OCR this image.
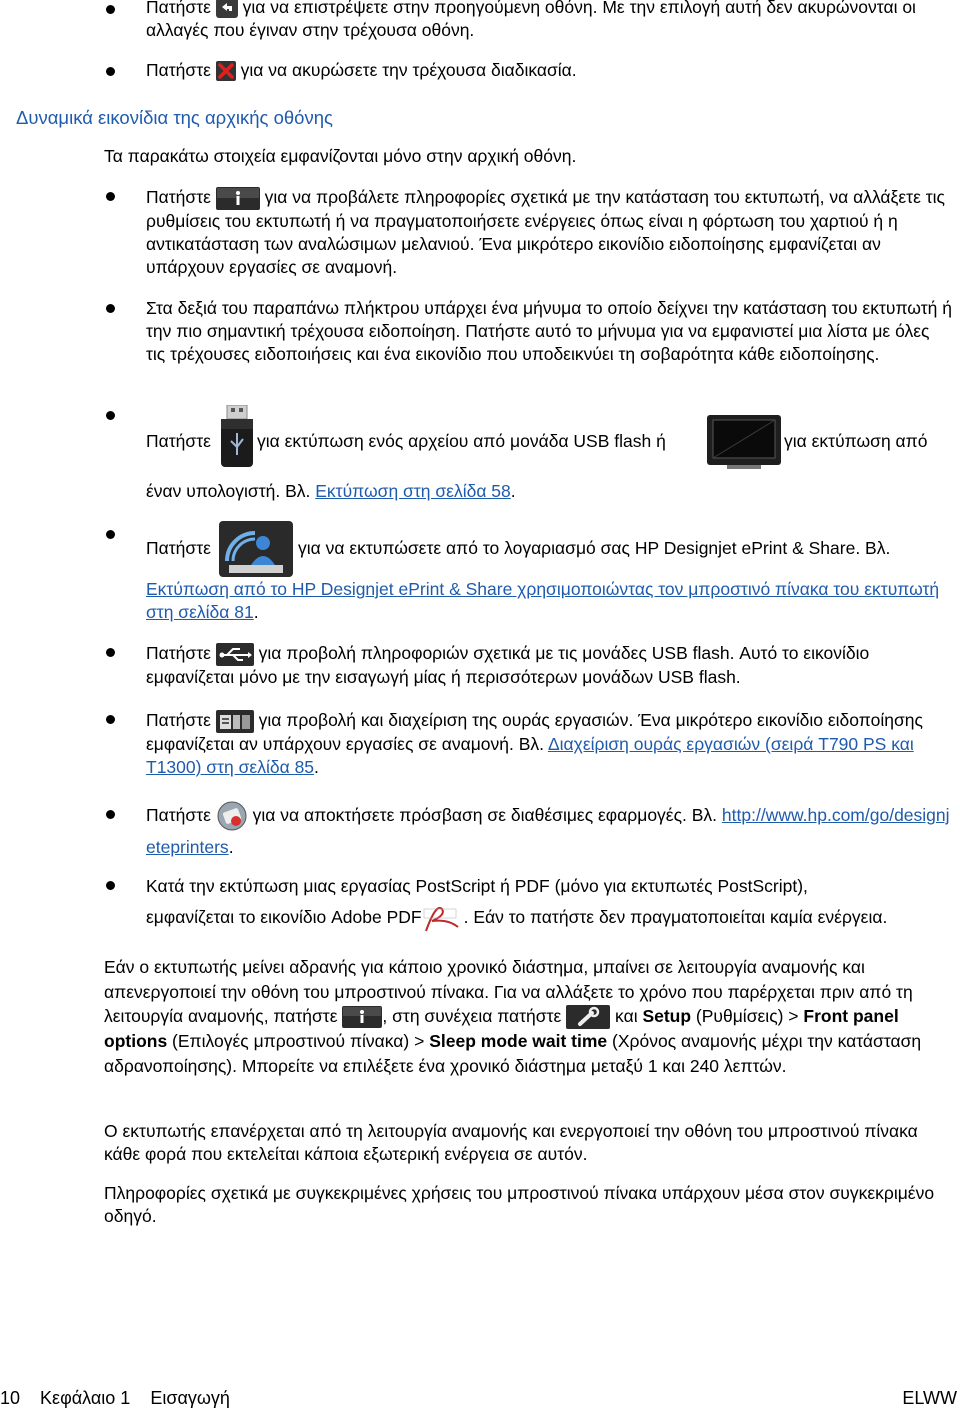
Πατήστε  για να επιστρέψετε στην προηγούμενη οθόνη. Με την επιλογή αυτή δεν ακυρώνονται οι αλλαγές που έγιναν στην τρέχουσα οθόνη.
Πατήστε  για να ακυρώσετε την τρέχουσα διαδικασία.
Δυναμικά εικονίδια της αρχικής οθόνης
Τα παρακάτω στοιχεία εμφανίζονται μόνο στην αρχική οθόνη.
Πατήστε	για να προβάλετε πληροφορίες σχετικά με την κατάσταση του εκτυπωτή, να αλλάξετε τις ρυθμίσεις του εκτυπωτή ή να πραγματοποιήσετε ενέργειες όπως είναι η φόρτωση του χαρτιού ή η αντικατάσταση των αναλώσιμων μελανιού. Ένα μικρότερο εικονίδιο ειδοποίησης εμφανίζεται αν υπάρχουν εργασίες σε αναμονή.
Στα δεξιά του παραπάνω πλήκτρου υπάρχει ένα μήνυμα το οποίο δείχνει την κατάσταση του εκτυπωτή ή την πιο σημαντική τρέχουσα ειδοποίηση. Πατήστε αυτό το μήνυμα για να εμφανιστεί μια λίστα με όλες τις τρέχουσες ειδοποιήσεις και ένα εικονίδιο που υποδεικνύει τη σοβαρότητα κάθε ειδοποίησης.
Πατήστε	για εκτύπωση ενός αρχείου από μονάδα USB flash ή	για εκτύπωση από
έναν υπολογιστή. Βλ. Εκτύπωση στη σελίδα 58.
Πατήστε	για να εκτυπώσετε από το λογαριασμό σας HP Designjet ePrint & Share. Βλ.
Εκτύπωση από το HP Designjet ePrint & Share χρησιμοποιώντας τον μπροστινό πίνακα του εκτυπωτή στη σελίδα 81.
Πατήστε  για προβολή πληροφοριών σχετικά με τις μονάδες USB flash. Αυτό το εικονίδιο εμφανίζεται μόνο με την εισαγωγή μίας ή περισσότερων μονάδων USB flash.
Πατήστε  για προβολή και διαχείριση της ουράς εργασιών. Ένα μικρότερο εικονίδιο ειδοποίησης εμφανίζεται αν υπάρχουν εργασίες σε αναμονή. Βλ. Διαχείριση ουράς εργασιών (σειρά T790 PS και T1300) στη σελίδα 85.
Πατήστε  για να αποκτήσετε πρόσβαση σε διαθέσιμες εφαρμογές. Βλ. http://www.hp.com/go/designjeteprinters.
Κατά την εκτύπωση μιας εργασίας PostScript ή PDF (μόνο για εκτυπωτές PostScript),
εμφανίζεται το εικονίδιο Adobe PDF . Εάν το πατήστε δεν πραγματοποιείται καμία ενέργεια.
Εάν ο εκτυπωτής μείνει αδρανής για κάποιο χρονικό διάστημα, μπαίνει σε λειτουργία αναμονής και απενεργοποιεί την οθόνη του μπροστινού πίνακα. Για να αλλάξετε το χρόνο που παρέρχεται πριν από τη λειτουργία αναμονής, πατήστε , στη συνέχεια πατήστε	και Setup (Ρυθμίσεις) > Front panel options (Επιλογές μπροστινού πίνακα) > Sleep mode wait time (Χρόνος αναμονής μέχρι την κατάσταση αδρανοποίησης). Μπορείτε να επιλέξετε ένα χρονικό διάστημα μεταξύ 1 και 240 λεπτών.
Ο εκτυπωτής επανέρχεται από τη λειτουργία αναμονής και ενεργοποιεί την οθόνη του μπροστινού πίνακα κάθε φορά που εκτελείται κάποια εξωτερική ενέργεια σε αυτόν.
Πληροφορίες σχετικά με συγκεκριμένες χρήσεις του μπροστινού πίνακα υπάρχουν μέσα στον συγκεκριμένο οδηγό.
10 Κεφάλαιο 1 Εισαγωγή	ELWW
